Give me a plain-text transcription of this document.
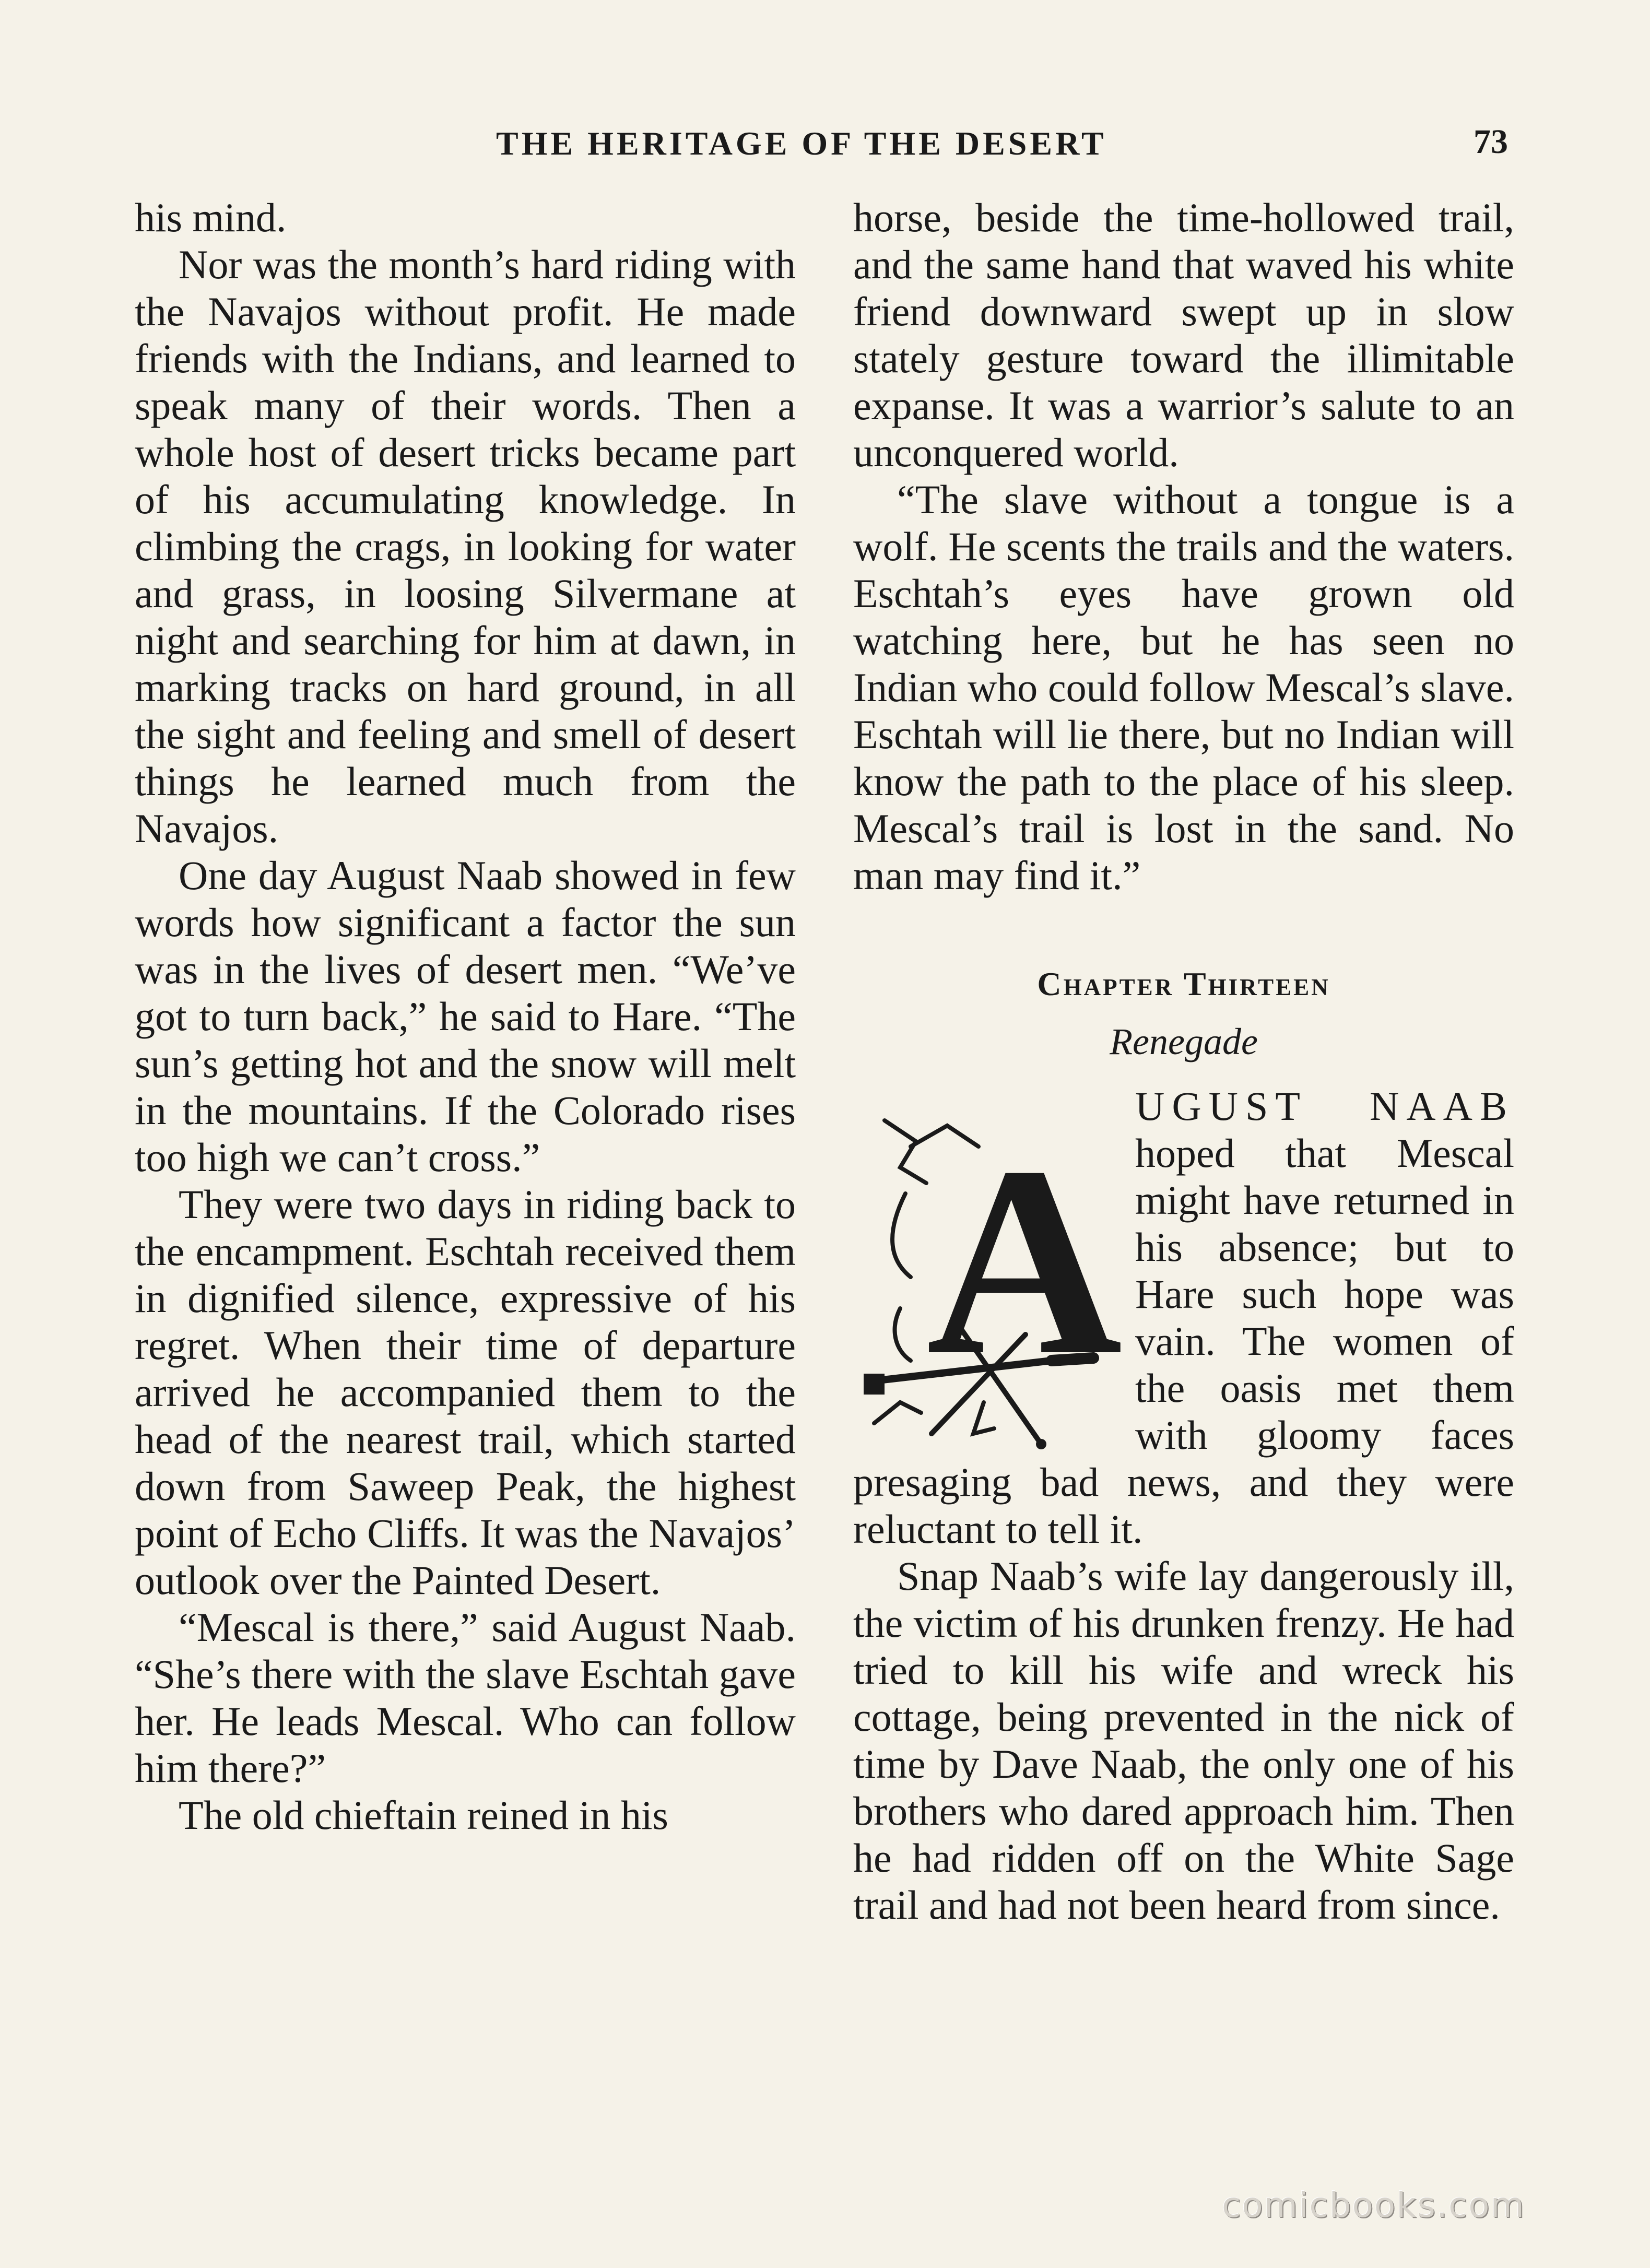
THE HERITAGE OF THE DESERT	73

his mind.

Nor was the month’s hard riding with the Navajos without profit. He made friends with the Indians, and learned to speak many of their words. Then a whole host of desert tricks became part of his accumulating knowledge. In climbing the crags, in looking for water and grass, in loosing Silvermane at night and searching for him at dawn, in marking tracks on hard ground, in all the sight and feeling and smell of desert things he learned much from the Navajos.

One day August Naab showed in few words how significant a factor the sun was in the lives of desert men. “We’ve got to turn back,” he said to Hare. “The sun’s getting hot and the snow will melt in the mountains. If the Colorado rises too high we can’t cross.”

They were two days in riding back to the encampment. Eschtah received them in dignified silence, expressive of his regret. When their time of departure arrived he accompanied them to the head of the nearest trail, which started down from Saweep Peak, the highest point of Echo Cliffs. It was the Navajos’ outlook over the Painted Desert.

“Mescal is there,” said August Naab. “She’s there with the slave Eschtah gave her. He leads Mescal. Who can follow him there?”

The old chieftain reined in his

horse, beside the time-hollowed trail, and the same hand that waved his white friend downward swept up in slow stately gesture toward the illimitable expanse. It was a warrior’s salute to an unconquered world.

“The slave without a tongue is a wolf. He scents the trails and the waters. Eschtah’s eyes have grown old watching here, but he has seen no Indian who could follow Mescal’s slave. Eschtah will lie there, but no Indian will know the path to the place of his sleep. Mescal’s trail is lost in the sand. No man may find it.”

Chapter Thirteen
Renegade
A

UGUST NAAB hoped that Mescal might have returned in his absence; but to Hare such hope was vain. The women of the oasis met them with gloomy faces presaging bad news, and they were reluctant to tell it.

Snap Naab’s wife lay dangerously ill, the victim of his drunken frenzy. He had tried to kill his wife and wreck his cottage, being prevented in the nick of time by Dave Naab, the only one of his brothers who dared approach him. Then he had ridden off on the White Sage trail and had not been heard from since.

comicbooks.com
